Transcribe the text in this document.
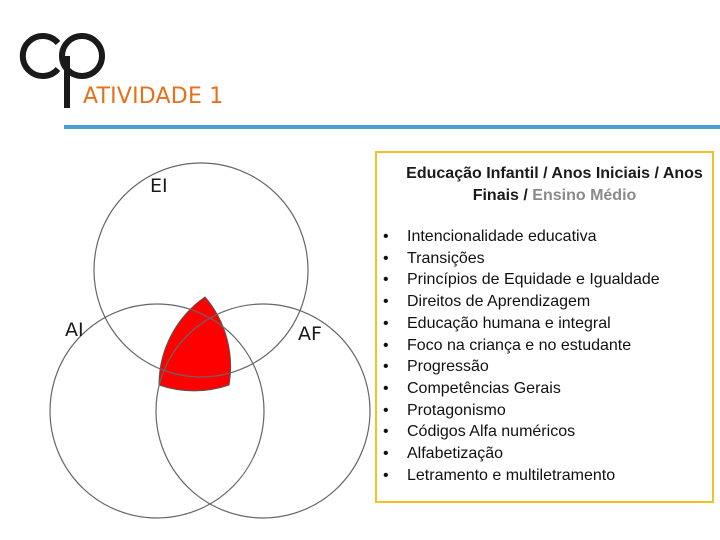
ATIVIDADE 1
EI
AI	AF
Educação Infantil / Anos Iniciais / Anos Finais / Ensino Médio
• Intencionalidade educativa
• Transições
• Princípios de Equidade e Igualdade
• Direitos de Aprendizagem
• Educação humana e integral
• Foco na criança e no estudante
• Progressão
• Competências Gerais
• Protagonismo
• Códigos Alfa numéricos
• Alfabetização
• Letramento e multiletramento
